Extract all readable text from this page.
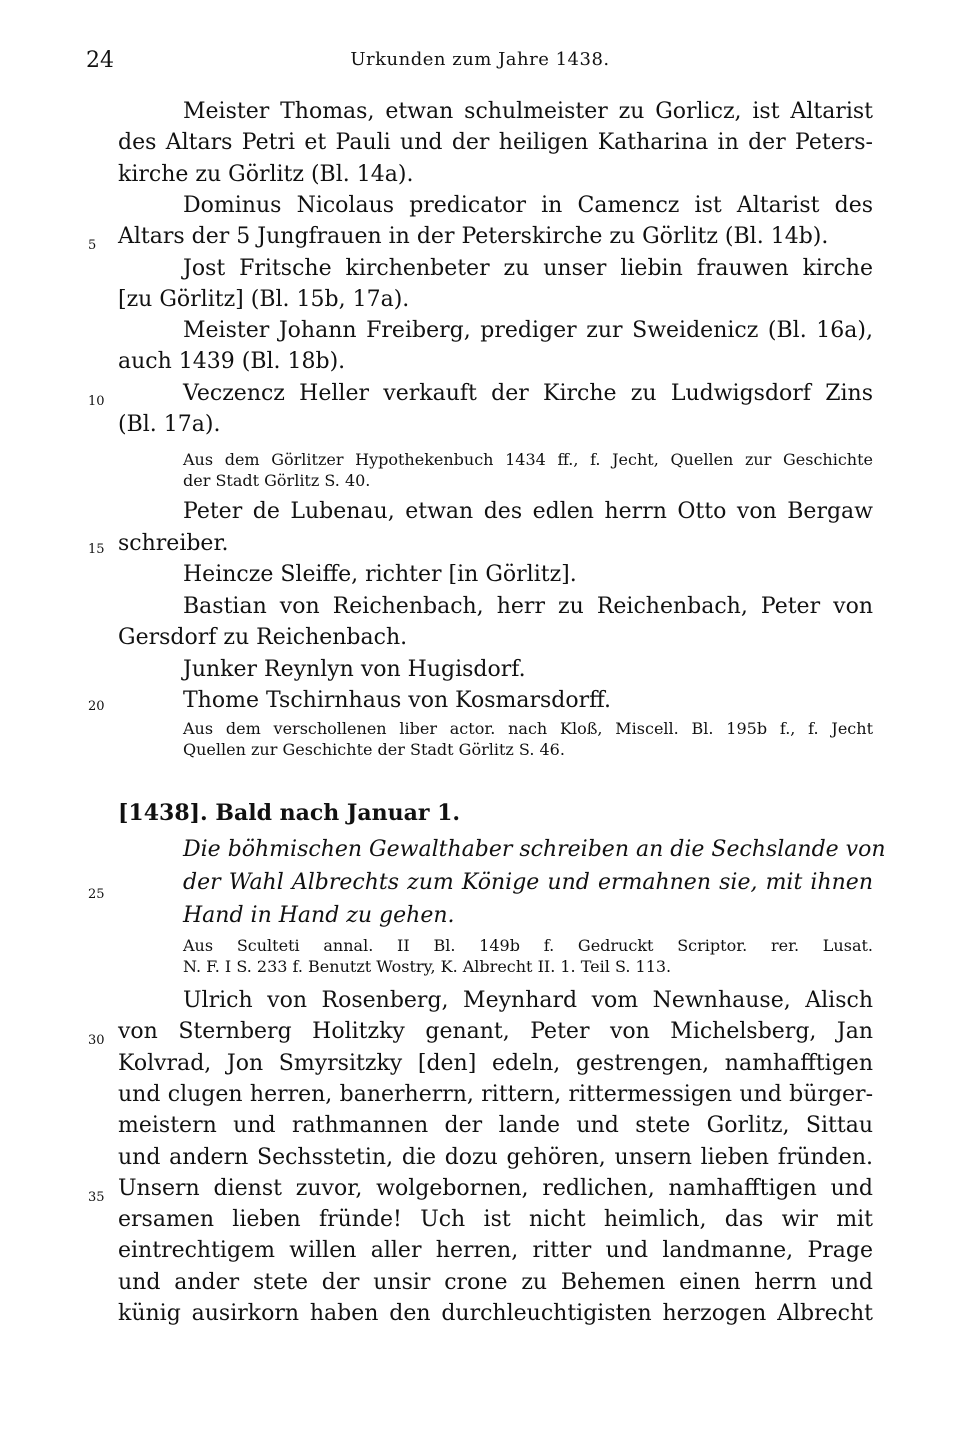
24	Urkunden zum Jahre 1438.
Meister Thomas, etwan schulmeister zu Gorlicz, ist Altarist
des Altars Petri et Pauli und der heiligen Katharina in der Peters-
kirche zu Görlitz (Bl. 14a).
Dominus Nicolaus predicator in Camencz ist Altarist des
Altars der 5 Jungfrauen in der Peterskirche zu Görlitz (Bl. 14b).
Jost Fritsche kirchenbeter zu unser liebin frauwen kirche
[zu Görlitz] (Bl. 15b, 17a).
Meister Johann Freiberg, prediger zur Sweidenicz (Bl. 16a),
auch 1439 (Bl. 18b).
Veczencz Heller verkauft der Kirche zu Ludwigsdorf Zins
(Bl. 17a).
Aus dem Görlitzer Hypothekenbuch 1434 ff., f. Jecht, Quellen zur Geschichte
der Stadt Görlitz S. 40.
Peter de Lubenau, etwan des edlen herrn Otto von Bergaw
schreiber.
Heincze Sleiffe, richter [in Görlitz].
Bastian von Reichenbach, herr zu Reichenbach, Peter von
Gersdorf zu Reichenbach.
Junker Reynlyn von Hugisdorf.
Thome Tschirnhaus von Kosmarsdorff.
Aus dem verschollenen liber actor. nach Kloß, Miscell. Bl. 195b f., f. Jecht
Quellen zur Geschichte der Stadt Görlitz S. 46.
Die böhmischen Gewalthaber schreiben an die Sechslande von
der Wahl Albrechts zum Könige und ermahnen sie, mit ihnen
Hand in Hand zu gehen.
Aus Sculteti annal. II Bl. 149b f. Gedruckt Scriptor. rer. Lusat.
N. F. I S. 233 f. Benutzt Wostry, K. Albrecht II. 1. Teil S. 113.
Ulrich von Rosenberg, Meynhard vom Newnhause, Alisch
von Sternberg Holitzky genant, Peter von Michelsberg, Jan
Kolvrad, Jon Smyrsitzky [den] edeln, gestrengen, namhafftigen
und clugen herren, banerherrn, rittern, rittermessigen und bürger-
meistern und rathmannen der lande und stete Gorlitz, Sittau
und andern Sechsstetin, die dozu gehören, unsern lieben fründen.
Unsern dienst zuvor, wolgebornen, redlichen, namhafftigen und
ersamen lieben fründe! Uch ist nicht heimlich, das wir mit
eintrechtigem willen aller herren, ritter und landmanne, Prage
und ander stete der unsir crone zu Behemen einen herrn und
künig ausirkorn haben den durchleuchtigisten herzogen Albrecht
5
10
15
20
25
30
35
[1438]. Bald nach Januar 1.
